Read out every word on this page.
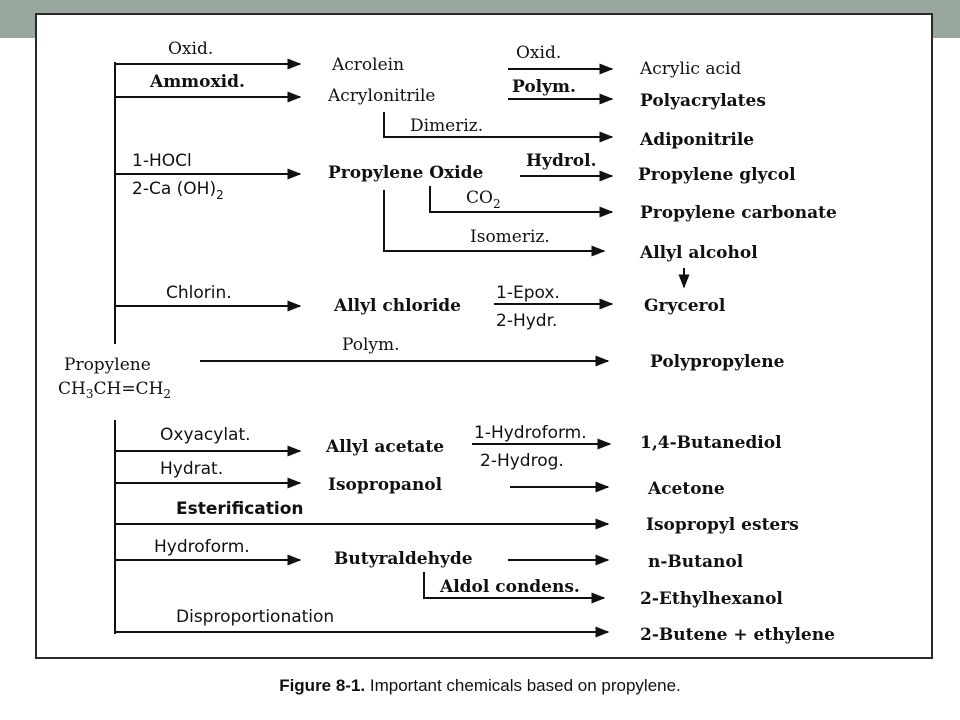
Propylene
$CH_3CH=CH_2$
Oxid.
Ammoxid.
1-HOCl
2-Ca $(OH)_2$
Chlorin.
Polym.
Oxyacylat.
Hydrat.
Esterification
Hydroform.
Disproportionation
Acrolein
Acrylonitrile
Propylene Oxide
Allyl chloride
Allyl acetate
Isopropanol
Butyraldehyde
Oxid.
Polym.
Dimeriz.
Hydrol.
$CO_2$
Isomeriz.
1-Epox.
2-Hydr.
1-Hydroform.
2-Hydrog.
Aldol condens.
Acrylic acid
Polyacrylates
Adiponitrile
Propylene glycol
Propylene carbonate
Allyl alcohol
Grycerol
Polypropylene
1,4-Butanediol
Acetone
Isopropyl esters
n-Butanol
2-Ethylhexanol
2-Butene + ethylene
Figure 8-1. Important chemicals based on propylene.
